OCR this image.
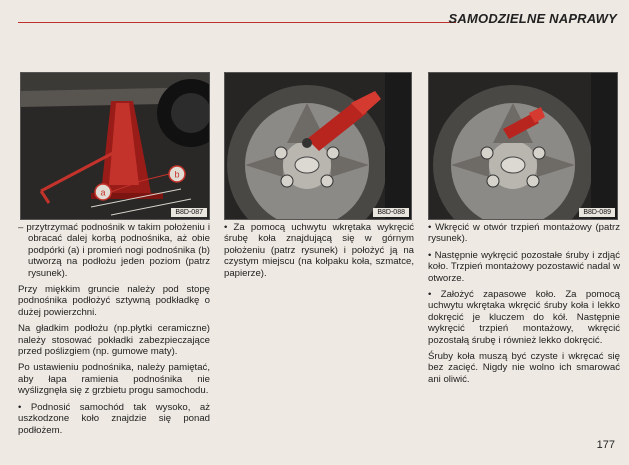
SAMODZIELNE NAPRAWY
a
b
B8D-087	B8D-088	B8D-089

– przytrzymać podnośnik w takim położeniu i obracać dalej korbą podnośnika, aż obie podpórki (a) i promień nogi podnośnika (b) utworzą na podłożu jeden poziom (patrz rysunek).

Przy miękkim gruncie należy pod stopę podnośnika podłożyć sztywną podkładkę o dużej powierzchni.

Na gładkim podłożu (np.płytki ceramiczne) należy stosować pokładki zabezpieczające przed poślizgiem (np. gumowe maty).

Po ustawieniu podnośnika, należy pamiętać, aby łapa ramienia podnośnika nie wyślizgnęła się z grzbietu progu samochodu.

• Podnosić samochód tak wysoko, aż uszkodzone koło znajdzie się ponad podłożem.

• Za pomocą uchwytu wkrętaka wykręcić śrubę koła znajdującą się w górnym położeniu (patrz rysunek) i położyć ją na czystym miejscu (na kołpaku koła, szmatce, papierze).

• Wkręcić w otwór trzpień montażowy (patrz rysunek).

• Następnie wykręcić pozostałe śruby i zdjąć koło. Trzpień montażowy pozostawić nadal w otworze.

• Założyć zapasowe koło. Za pomocą uchwytu wkrętaka wkręcić śruby koła i lekko dokręcić je kluczem do kół. Następnie wykręcić trzpień montażowy, wkręcić pozostałą śrubę i również lekko dokręcić.

Śruby koła muszą być czyste i wkręcać się bez zacięć. Nigdy nie wolno ich smarować ani oliwić.

177
